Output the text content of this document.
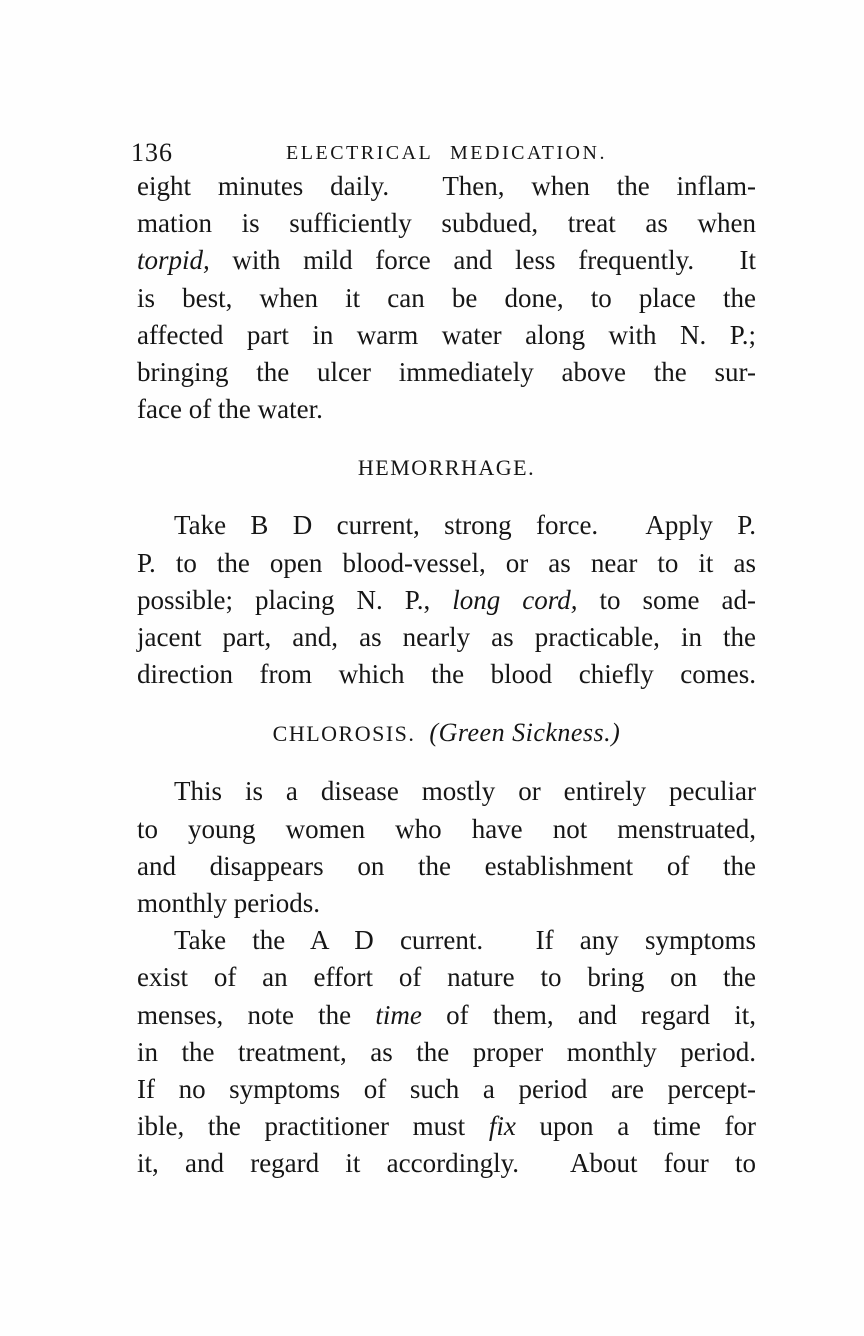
136	ELECTRICAL MEDICATION.
eight minutes daily.  Then, when the inflam-
mation is sufficiently subdued, treat as when
torpid, with mild force and less frequently.  It
is best, when it can be done, to place the
affected part in warm water along with N. P.;
bringing the ulcer immediately above the sur-
face of the water.
HEMORRHAGE.
Take B D current, strong force.  Apply P.
P. to the open blood-vessel, or as near to it as
possible; placing N. P., long cord, to some ad-
jacent part, and, as nearly as practicable, in the
direction from which the blood chiefly comes.
CHLOROSIS.  (Green Sickness.)
This is a disease mostly or entirely peculiar
to young women who have not menstruated,
and disappears on the establishment of the
monthly periods.
Take the A D current.  If any symptoms
exist of an effort of nature to bring on the
menses, note the time of them, and regard it,
in the treatment, as the proper monthly period.
If no symptoms of such a period are percept-
ible, the practitioner must fix upon a time for
it, and regard it accordingly.  About four to
